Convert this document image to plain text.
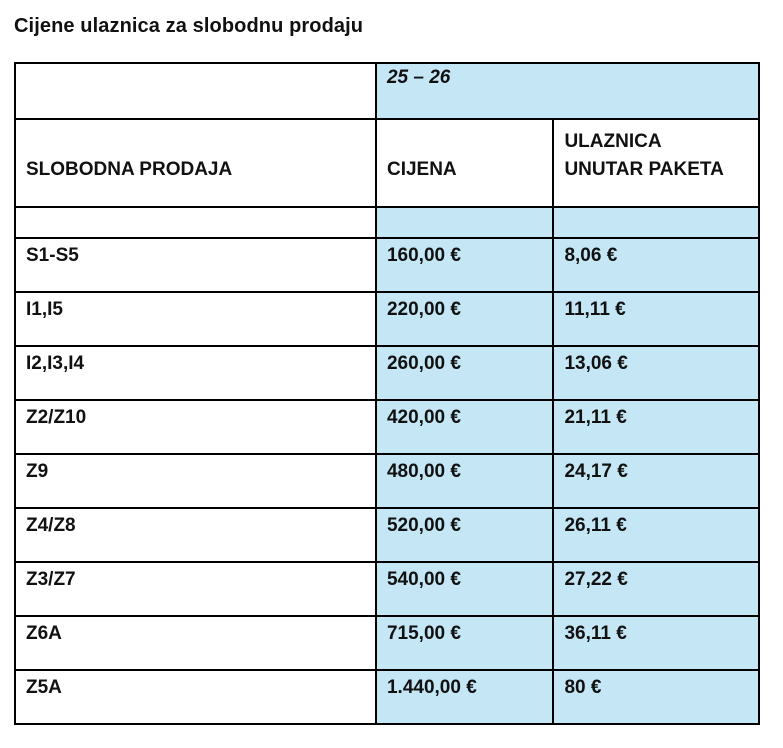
Cijene ulaznica za slobodnu prodaju
	25 – 26	
SLOBODNA PRODAJA	CIJENA	ULAZNICA
UNUTAR PAKETA

S1-S5	160,00 €	8,06 €
I1,I5	220,00 €	11,11 €
I2,I3,I4	260,00 €	13,06 €
Z2/Z10	420,00 €	21,11 €
Z9	480,00 €	24,17 €
Z4/Z8	520,00 €	26,11 €
Z3/Z7	540,00 €	27,22 €
Z6A	715,00 €	36,11 €
Z5A	1.440,00 €	80 €
